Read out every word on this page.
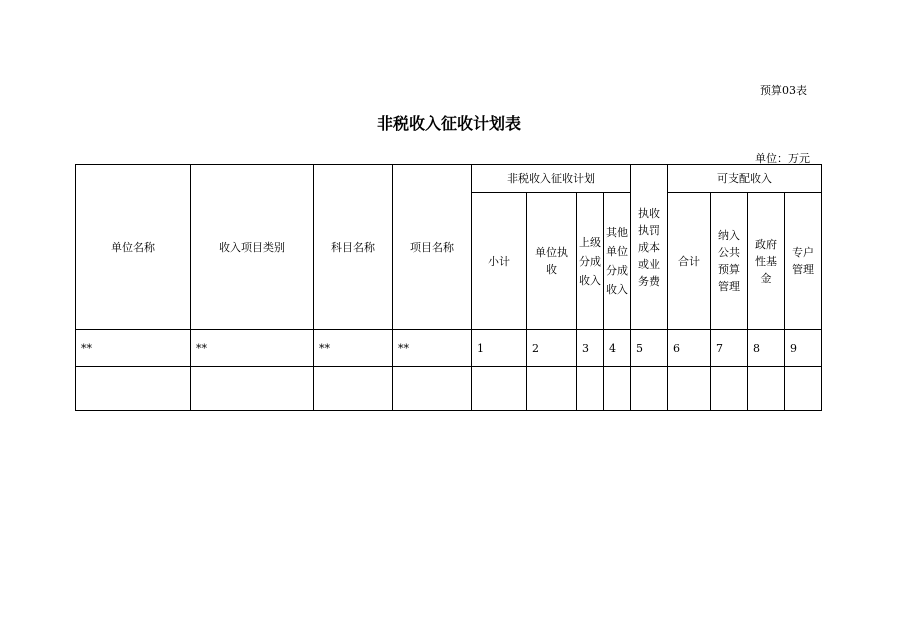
预算03表
非税收入征收计划表
单位：万元
单位名称	收入项目类别	科目名称	项目名称	非税收入征收计划				执收执罚成本或业务费	可支配收入			
				小计	单位执收	上级分成收入	其他单位分成收入		合计	纳入公共预算管理	政府性基金	专户管理
**	**	**	**	1	2	3	4	5	6	7	8	9
